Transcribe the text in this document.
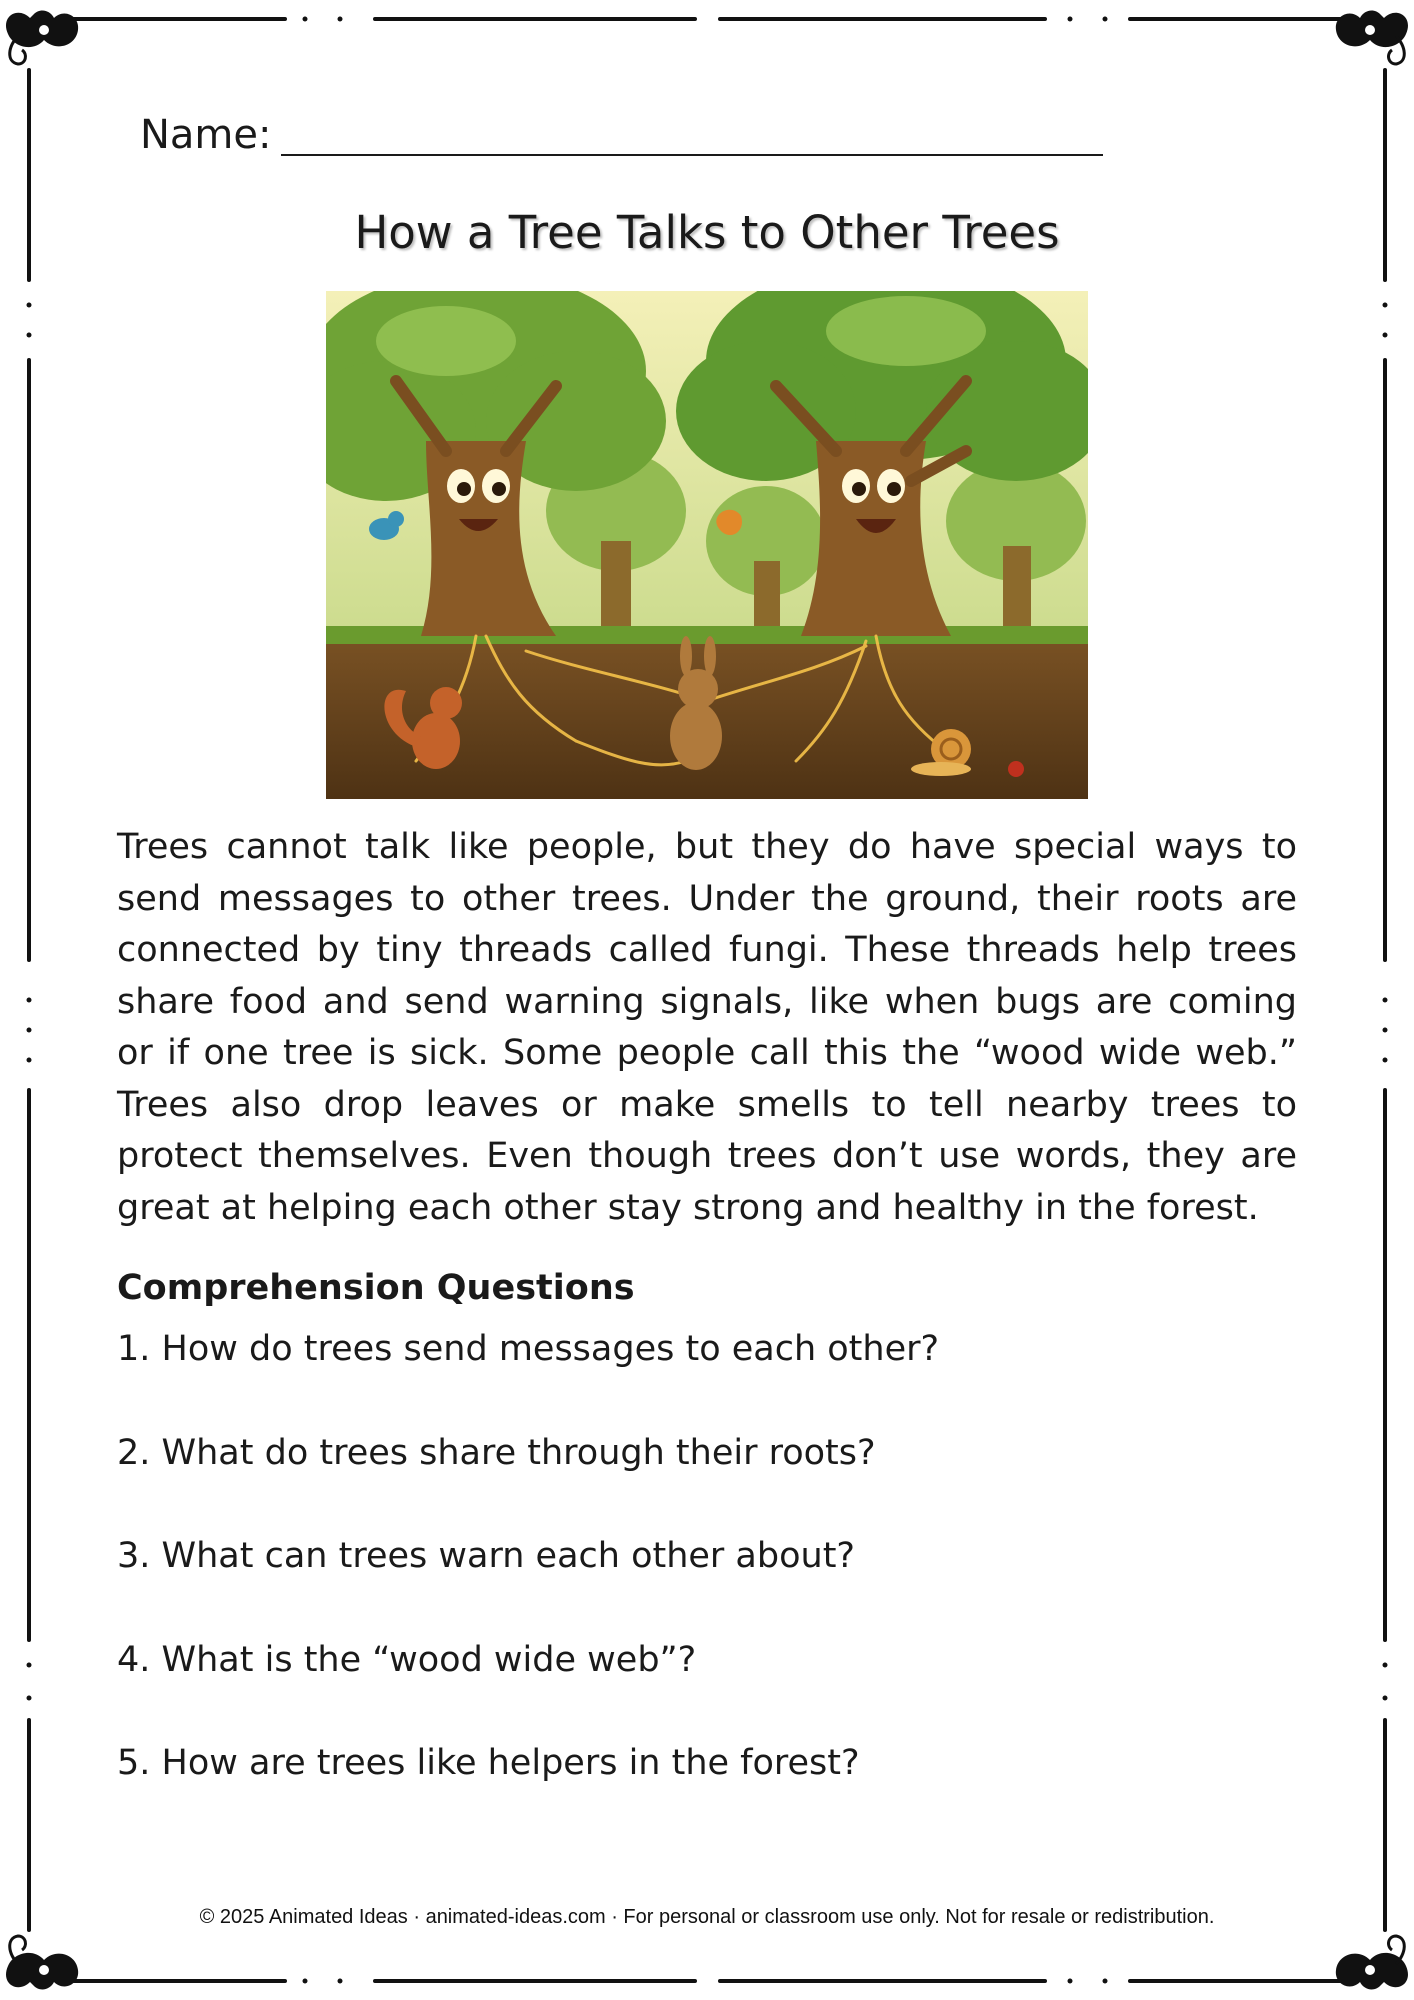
Name:
How a Tree Talks to Other Trees

Trees cannot talk like people, but they do have special ways to send messages to other trees. Under the ground, their roots are connected by tiny threads called fungi. These threads help trees share food and send warning signals, like when bugs are coming or if one tree is sick. Some people call this the “wood wide web.” Trees also drop leaves or make smells to tell nearby trees to protect themselves. Even though trees don’t use words, they are great at helping each other stay strong and healthy in the forest.

Comprehension Questions
1. How do trees send messages to each other?
2. What do trees share through their roots?
3. What can trees warn each other about?
4. What is the “wood wide web”?
5. How are trees like helpers in the forest?
© 2025 Animated Ideas · animated-ideas.com · For personal or classroom use only. Not for resale or redistribution.
